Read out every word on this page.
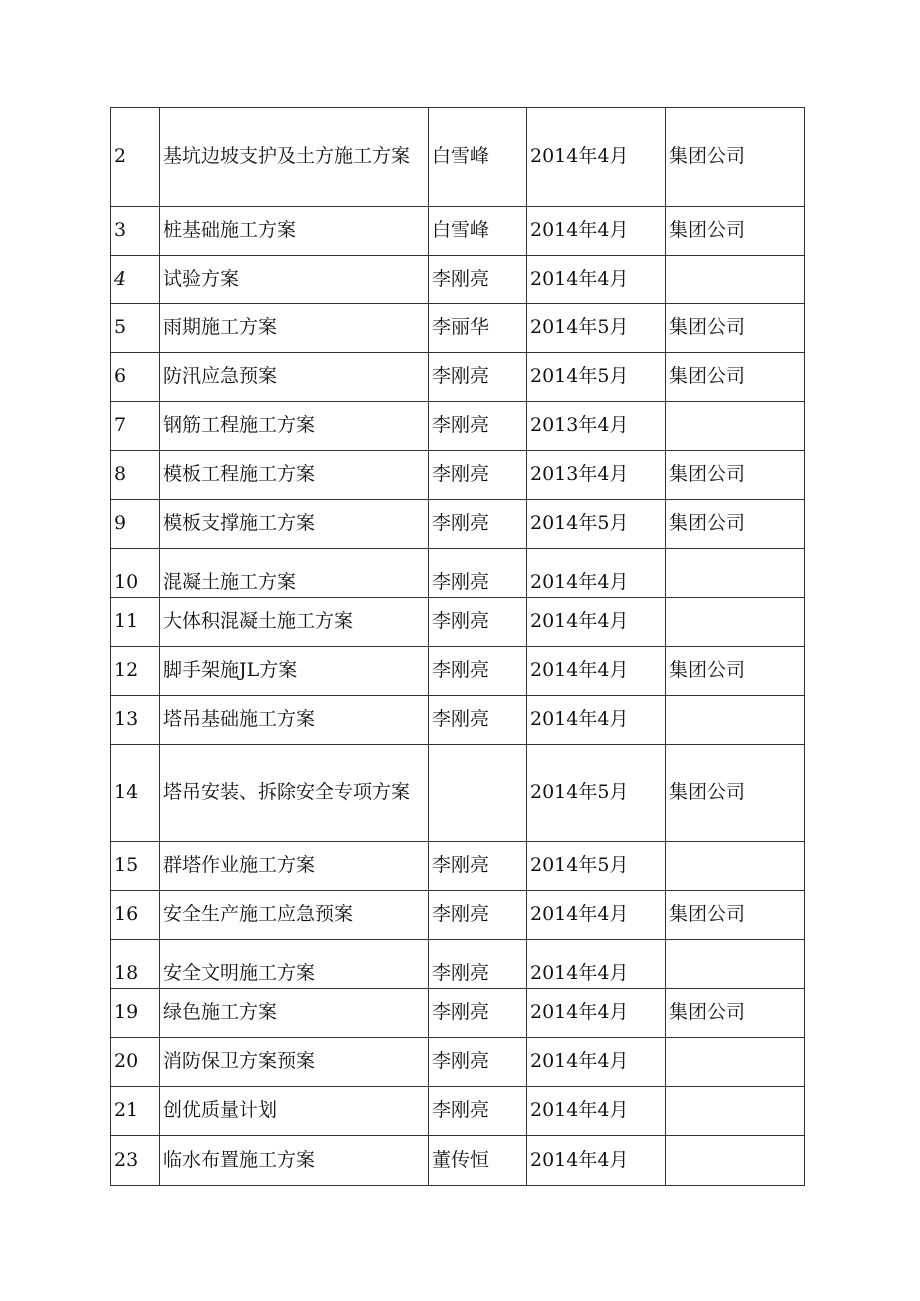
2	基坑边坡支护及土方施工方案	白雪峰	2014年4月	集团公司
3	桩基础施工方案	白雪峰	2014年4月	集团公司
4	试验方案	李刚亮	2014年4月	
5	雨期施工方案	李丽华	2014年5月	集团公司
6	防汛应急预案	李刚亮	2014年5月	集团公司
7	钢筋工程施工方案	李刚亮	2013年4月	
8	模板工程施工方案	李刚亮	2013年4月	集团公司
9	模板支撑施工方案	李刚亮	2014年5月	集团公司
10	混凝土施工方案	李刚亮	2014年4月	
11	大体积混凝土施工方案	李刚亮	2014年4月	
12	脚手架施JL方案	李刚亮	2014年4月	集团公司
13	塔吊基础施工方案	李刚亮	2014年4月	
14	塔吊安装、拆除安全专项方案		2014年5月	集团公司
15	群塔作业施工方案	李刚亮	2014年5月	
16	安全生产施工应急预案	李刚亮	2014年4月	集团公司
18	安全文明施工方案	李刚亮	2014年4月	
19	绿色施工方案	李刚亮	2014年4月	集团公司
20	消防保卫方案预案	李刚亮	2014年4月	
21	创优质量计划	李刚亮	2014年4月	
23	临水布置施工方案	董传恒	2014年4月	
